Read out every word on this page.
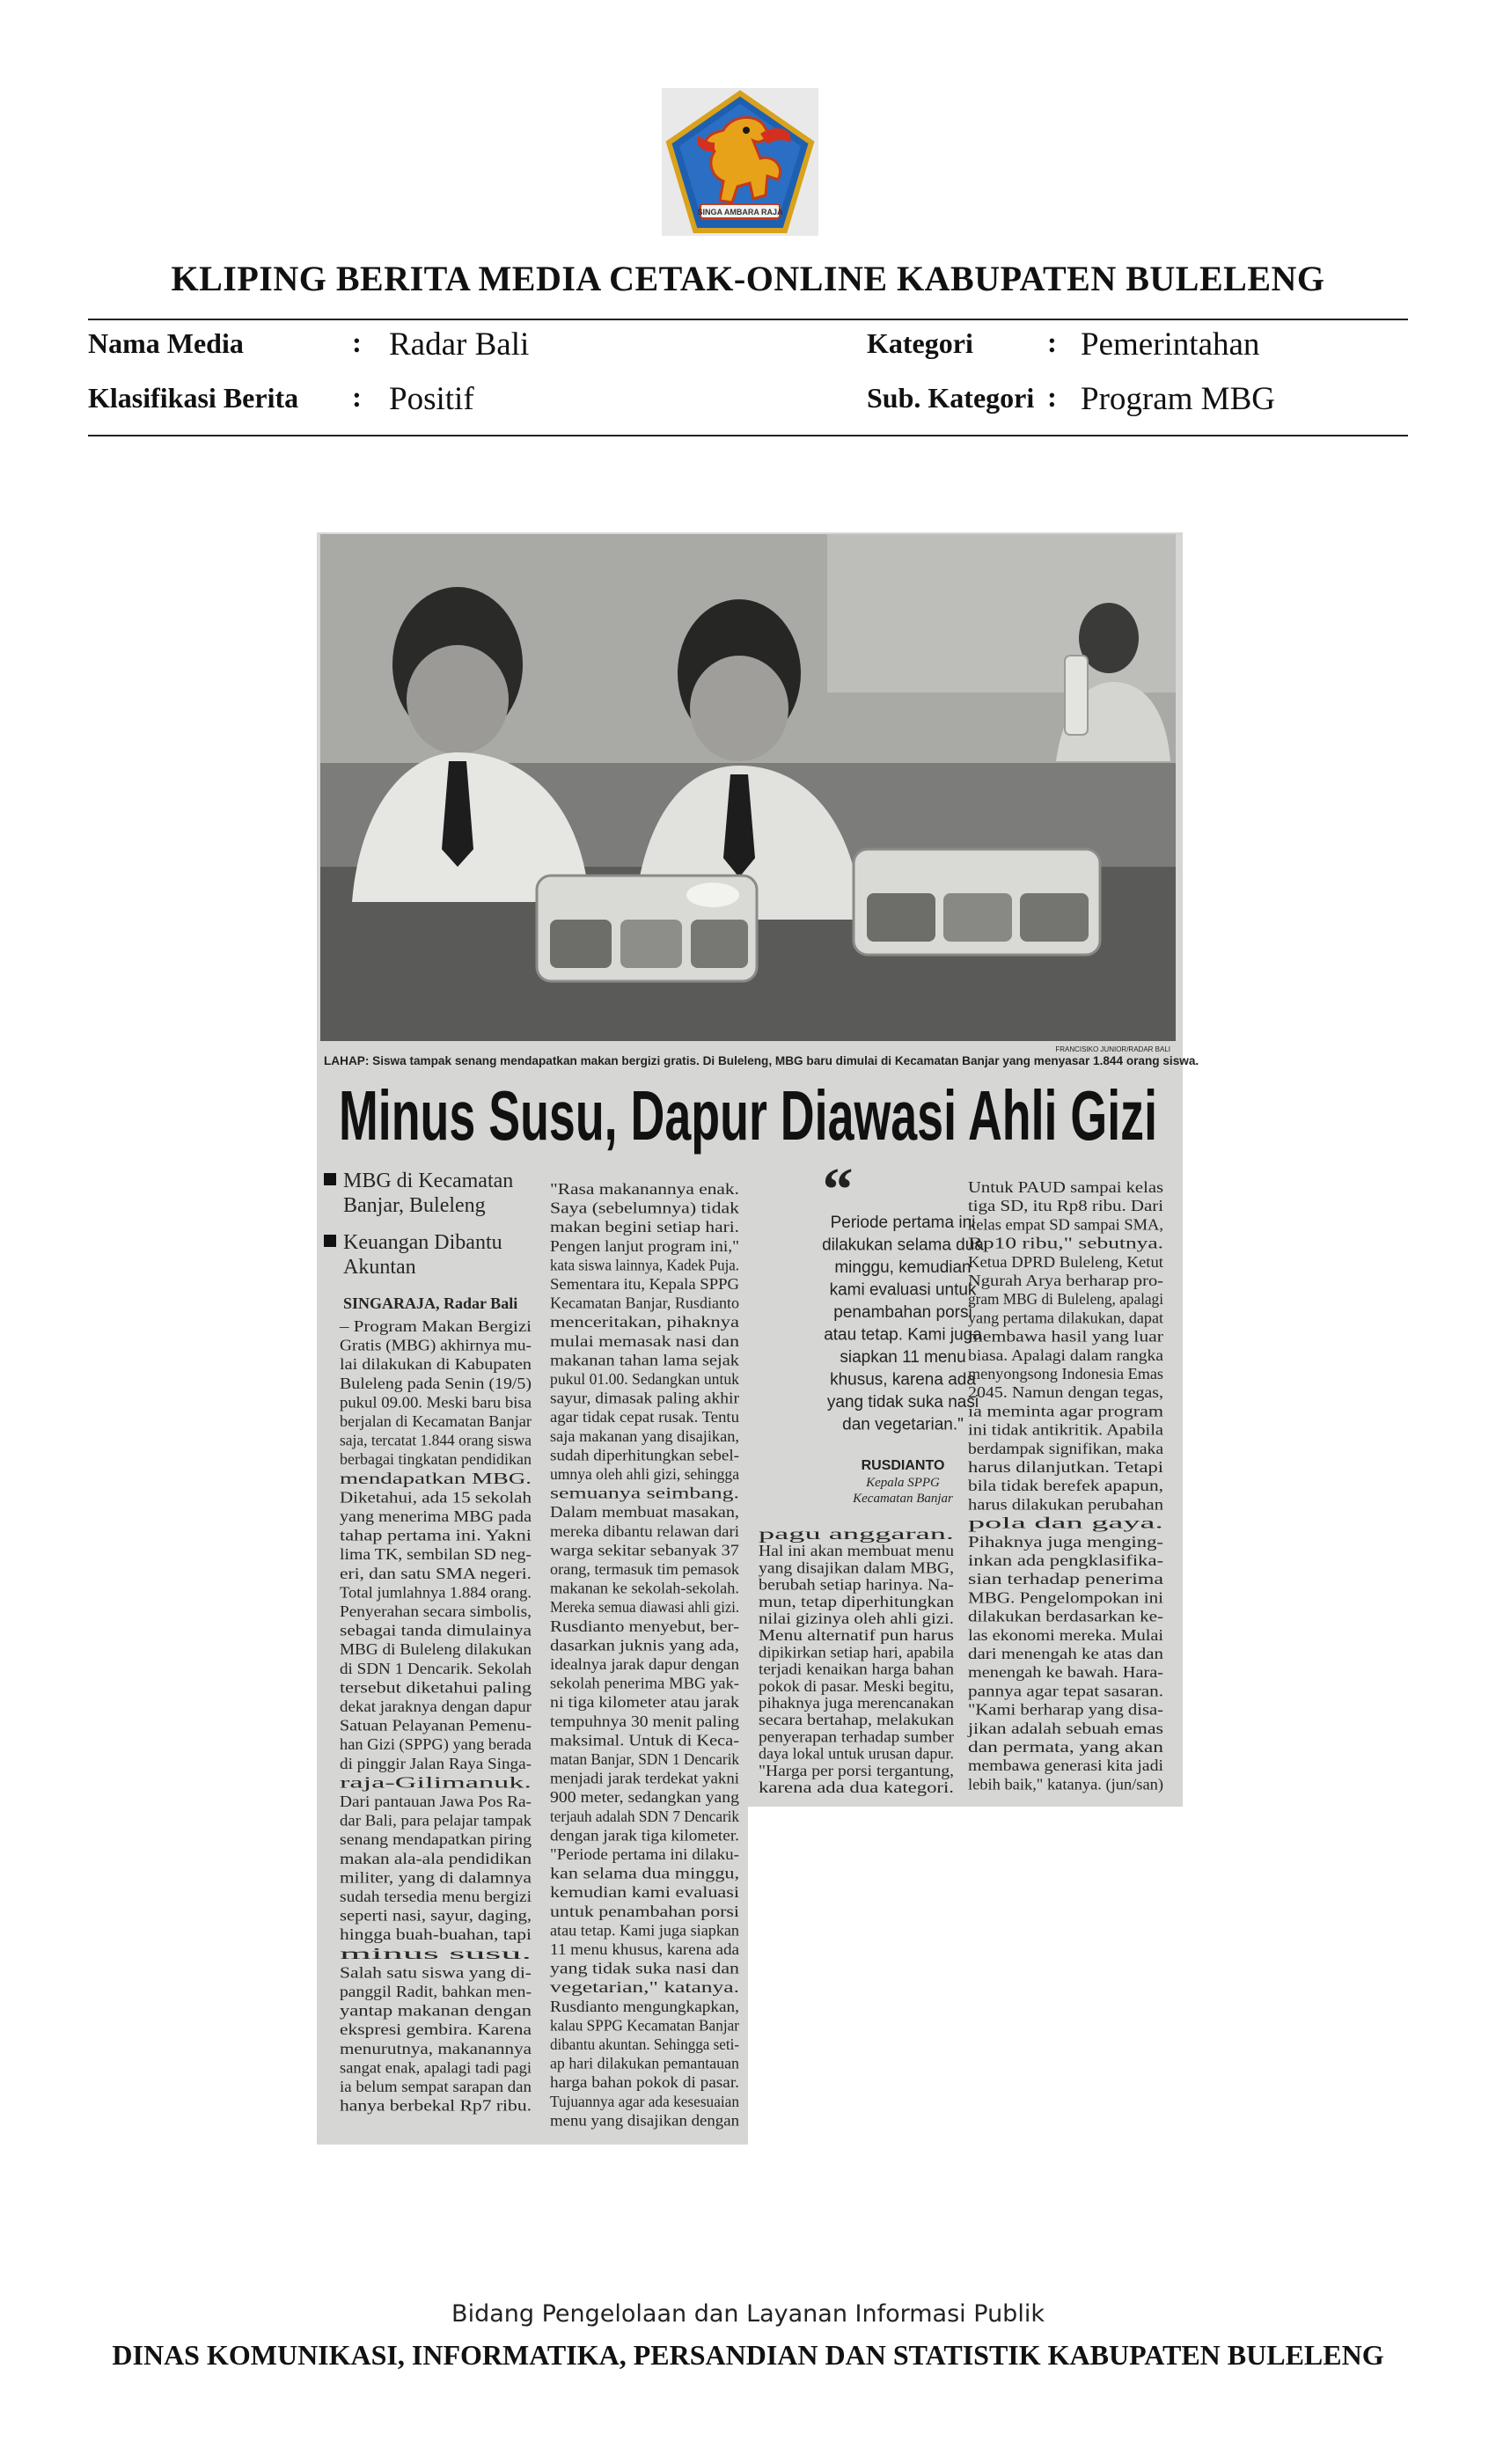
SINGA AMBARA RAJA
KLIPING BERITA MEDIA CETAK-ONLINE KABUPATEN BULELENG
Nama Media	: Radar Bali	Kategori	: Pemerintahan
Klasifikasi Berita : Positif	Sub. Kategori : Program MBG
FRANCISIKO JUNIOR/RADAR BALI
LAHAP: Siswa tampak senang mendapatkan makan bergizi gratis. Di Buleleng, MBG baru dimulai di Kecamatan Banjar yang menyasar 1.844 orang siswa.
Minus Susu, Dapur Diawasi Ahli Gizi
MBG di Kecamatan
Banjar, Buleleng
Keuangan Dibantu
Akuntan
SINGARAJA, Radar Bali
– Program Makan Bergizi
Gratis (MBG) akhirnya mu-
lai dilakukan di Kabupaten
Buleleng pada Senin (19/5)
pukul 09.00. Meski baru bisa
berjalan di Kecamatan Banjar
saja, tercatat 1.844 orang siswa
berbagai tingkatan pendidikan
mendapatkan MBG.
Diketahui, ada 15 sekolah
yang menerima MBG pada
tahap pertama ini. Yakni
lima TK, sembilan SD neg-
eri, dan satu SMA negeri.
Total jumlahnya 1.884 orang.
Penyerahan secara simbolis,
sebagai tanda dimulainya
MBG di Buleleng dilakukan
di SDN 1 Dencarik. Sekolah
tersebut diketahui paling
dekat jaraknya dengan dapur
Satuan Pelayanan Pemenu-
han Gizi (SPPG) yang berada
di pinggir Jalan Raya Singa-
raja-Gilimanuk.
Dari pantauan Jawa Pos Ra-
dar Bali, para pelajar tampak
senang mendapatkan piring
makan ala-ala pendidikan
militer, yang di dalamnya
sudah tersedia menu bergizi
seperti nasi, sayur, daging,
hingga buah-buahan, tapi
minus susu.
Salah satu siswa yang di-
panggil Radit, bahkan men-
yantap makanan dengan
ekspresi gembira. Karena
menurutnya, makanannya
sangat enak, apalagi tadi pagi
ia belum sempat sarapan dan
hanya berbekal Rp7 ribu.
"Rasa makanannya enak.
Saya (sebelumnya) tidak
makan begini setiap hari.
Pengen lanjut program ini,"
kata siswa lainnya, Kadek Puja.
Sementara itu, Kepala SPPG
Kecamatan Banjar, Rusdianto
menceritakan, pihaknya
mulai memasak nasi dan
makanan tahan lama sejak
pukul 01.00. Sedangkan untuk
sayur, dimasak paling akhir
agar tidak cepat rusak. Tentu
saja makanan yang disajikan,
sudah diperhitungkan sebel-
umnya oleh ahli gizi, sehingga
semuanya seimbang.
Dalam membuat masakan,
mereka dibantu relawan dari
warga sekitar sebanyak 37
orang, termasuk tim pemasok
makanan ke sekolah-sekolah.
Mereka semua diawasi ahli gizi.
Rusdianto menyebut, ber-
dasarkan juknis yang ada,
idealnya jarak dapur dengan
sekolah penerima MBG yak-
ni tiga kilometer atau jarak
tempuhnya 30 menit paling
maksimal. Untuk di Keca-
matan Banjar, SDN 1 Dencarik
menjadi jarak terdekat yakni
900 meter, sedangkan yang
terjauh adalah SDN 7 Dencarik
dengan jarak tiga kilometer.
"Periode pertama ini dilaku-
kan selama dua minggu,
kemudian kami evaluasi
untuk penambahan porsi
atau tetap. Kami juga siapkan
11 menu khusus, karena ada
yang tidak suka nasi dan
vegetarian," katanya.
Rusdianto mengungkapkan,
kalau SPPG Kecamatan Banjar
dibantu akuntan. Sehingga seti-
ap hari dilakukan pemantauan
harga bahan pokok di pasar.
Tujuannya agar ada kesesuaian
menu yang disajikan dengan
pagu anggaran.
Hal ini akan membuat menu
yang disajikan dalam MBG,
berubah setiap harinya. Na-
mun, tetap diperhitungkan
nilai gizinya oleh ahli gizi.
Menu alternatif pun harus
dipikirkan setiap hari, apabila
terjadi kenaikan harga bahan
pokok di pasar. Meski begitu,
pihaknya juga merencanakan
secara bertahap, melakukan
penyerapan terhadap sumber
daya lokal untuk urusan dapur.
"Harga per porsi tergantung,
karena ada dua kategori.
Untuk PAUD sampai kelas
tiga SD, itu Rp8 ribu. Dari
kelas empat SD sampai SMA,
Rp10 ribu," sebutnya.
Ketua DPRD Buleleng, Ketut
Ngurah Arya berharap pro-
gram MBG di Buleleng, apalagi
yang pertama dilakukan, dapat
membawa hasil yang luar
biasa. Apalagi dalam rangka
menyongsong Indonesia Emas
2045. Namun dengan tegas,
ia meminta agar program
ini tidak antikritik. Apabila
berdampak signifikan, maka
harus dilanjutkan. Tetapi
bila tidak berefek apapun,
harus dilakukan perubahan
pola dan gaya.
Pihaknya juga menging-
inkan ada pengklasifika-
sian terhadap penerima
MBG. Pengelompokan ini
dilakukan berdasarkan ke-
las ekonomi mereka. Mulai
dari menengah ke atas dan
menengah ke bawah. Hara-
pannya agar tepat sasaran.
"Kami berharap yang disa-
jikan adalah sebuah emas
dan permata, yang akan
membawa generasi kita jadi
lebih baik," katanya. (jun/san)
“
Periode pertama ini
dilakukan selama dua
minggu, kemudian
kami evaluasi untuk
penambahan porsi
atau tetap. Kami juga
siapkan 11 menu
khusus, karena ada
yang tidak suka nasi
dan vegetarian."
RUSDIANTO
Kepala SPPG
Kecamatan Banjar
Bidang Pengelolaan dan Layanan Informasi Publik
DINAS KOMUNIKASI, INFORMATIKA, PERSANDIAN DAN STATISTIK KABUPATEN BULELENG
